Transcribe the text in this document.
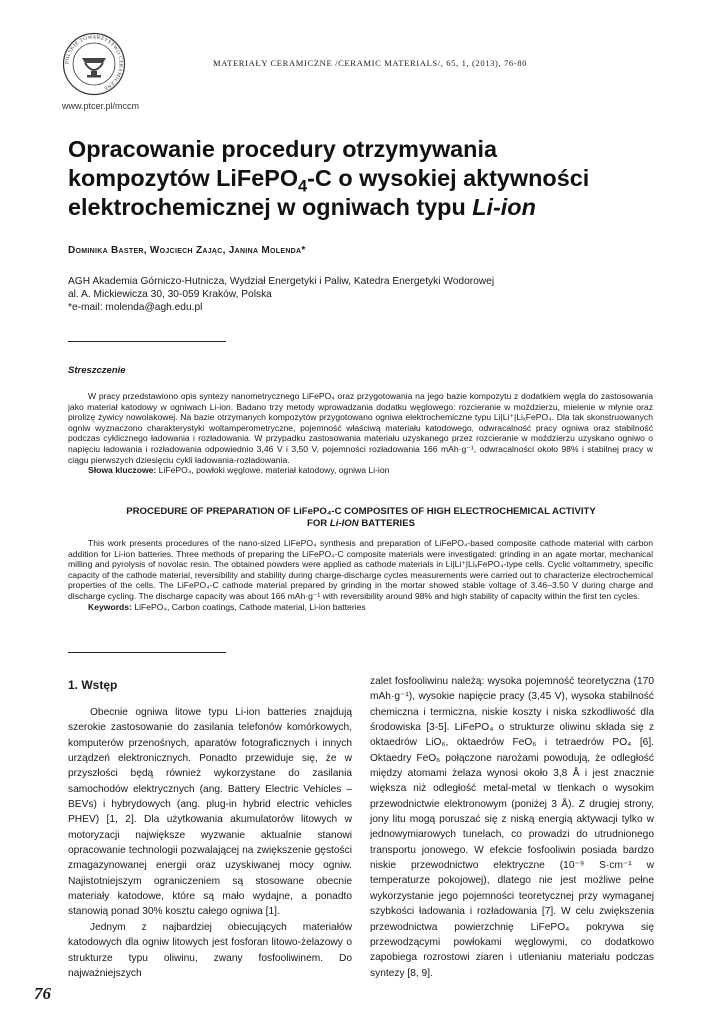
POLSKIE TOWARZYSTWO CERAMICZNE
www.ptcer.pl/mccm
MATERIAŁY CERAMICZNE /CERAMIC MATERIALS/, 65, 1, (2013), 76-80
Opracowanie procedury otrzymywania
kompozytów LiFePO$_4$-C o wysokiej aktywności
elektrochemicznej w ogniwach typu Li-ion
Dominika Baster, Wojciech Zając, Janina Molenda*
AGH Akademia Górniczo-Hutnicza, Wydział Energetyki i Paliw, Katedra Energetyki Wodorowej
al. A. Mickiewicza 30, 30-059 Kraków, Polska
*e-mail: molenda@agh.edu.pl
Streszczenie
W pracy przedstawiono opis syntezy nanometrycznego LiFePO₄ oraz przygotowania na jego bazie kompozytu z dodatkiem węgla do zastosowania jako materiał katodowy w ogniwach Li-ion. Badano trzy metody wprowadzania dodatku węglowego: rozcieranie w moździerzu, mielenie w młynie oraz pirolizę żywicy nowolakowej. Na bazie otrzymanych kompozytów przygotowano ogniwa elektrochemiczne typu Li|Li⁺|LiₓFePO₄. Dla tak skonstruowanych ogniw wyznaczono charakterystyki woltamperometryczne, pojemność właściwą materiału katodowego, odwracalność pracy ogniwa oraz stabilność podczas cyklicznego ładowania i rozładowania. W przypadku zastosowania materiału uzyskanego przez rozcieranie w moździerzu uzyskano ogniwo o napięciu ładowania i rozładowania odpowiednio 3,46 V i 3,50 V, pojemności rozładowania 166 mAh·g⁻¹, odwracalności około 98% i stabilnej pracy w ciągu pierwszych dziesięciu cykli ładowania-rozładowania.
Słowa kluczowe: LiFePO₄, powłoki węglowe, materiał katodowy, ogniwa Li-ion
PROCEDURE OF PREPARATION OF LiFePO₄-C COMPOSITES OF HIGH ELECTROCHEMICAL ACTIVITY
FOR Li-ION BATTERIES
This work presents procedures of the nano-sized LiFePO₄ synthesis and preparation of LiFePO₄-based composite cathode material with carbon addition for Li-ion batteries. Three methods of preparing the LiFePO₄-C composite materials were investigated: grinding in an agate mortar, mechanical milling and pyrolysis of novolac resin. The obtained powders were applied as cathode materials in Li|Li⁺|LiₓFePO₄-type cells. Cyclic voltammetry, specific capacity of the cathode material, reversibility and stability during charge-discharge cycles measurements were carried out to characterize electrochemical properties of the cells. The LiFePO₄-C cathode material prepared by grinding in the mortar showed stable voltage of 3.46–3.50 V during charge and discharge cycling. The discharge capacity was about 166 mAh·g⁻¹ with reversibility around 98% and high stability of capacity within the first ten cycles.
Keywords: LiFePO₄, Carbon coatings, Cathode material, Li-ion batteries
1. Wstęp

Obecnie ogniwa litowe typu Li-ion batteries znajdują szerokie zastosowanie do zasilania telefonów komórkowych, komputerów przenośnych, aparatów fotograficznych i innych urządzeń elektronicznych. Ponadto przewiduje się, że w przyszłości będą również wykorzystane do zasilania samochodów elektrycznych (ang. Battery Electric Vehicles – BEVs) i hybrydowych (ang. plug-in hybrid electric vehicles PHEV) [1, 2]. Dla użytkowania akumulatorów litowych w motoryzacji największe wyzwanie aktualnie stanowi opracowanie technologii pozwalającej na zwiększenie gęstości zmagazynowanej energii oraz uzyskiwanej mocy ogniw. Najistotniejszym ograniczeniem są stosowane obecnie materiały katodowe, które są mało wydajne, a ponadto stanowią ponad 30% kosztu całego ogniwa [1].

Jednym z najbardziej obiecujących materiałów katodowych dla ogniw litowych jest fosforan litowo-żelazowy o strukturze typu oliwinu, zwany fosfooliwinem. Do najważniejszych

zalet fosfooliwinu należą: wysoka pojemność teoretyczna (170 mAh·g⁻¹), wysokie napięcie pracy (3,45 V), wysoka stabilność chemiczna i termiczna, niskie koszty i niska szkodliwość dla środowiska [3-5]. LiFePO₄ o strukturze oliwinu składa się z oktaedrów LiO₆, oktaedrów FeO₆ i tetraedrów PO₄ [6]. Oktaedry FeO₆ połączone narożami powodują, że odległość między atomami żelaza wynosi około 3,8 Å i jest znacznie większa niż odległość metal-metal w tlenkach o wysokim przewodnictwie elektronowym (poniżej 3 Å). Z drugiej strony, jony litu mogą poruszać się z niską energią aktywacji tylko w jednowymiarowych tunelach, co prowadzi do utrudnionego transportu jonowego. W efekcie fosfooliwin posiada bardzo niskie przewodnictwo elektryczne (10⁻⁹ S·cm⁻¹ w temperaturze pokojowej), dlatego nie jest możliwe pełne wykorzystanie jego pojemności teoretycznej przy wymaganej szybkości ładowania i rozładowania [7]. W celu zwiększenia przewodnictwa powierzchnię LiFePO₄ pokrywa się przewodzącymi powłokami węglowymi, co dodatkowo zapobiega rozrostowi ziaren i utlenianiu materiału podczas syntezy [8, 9].

76
